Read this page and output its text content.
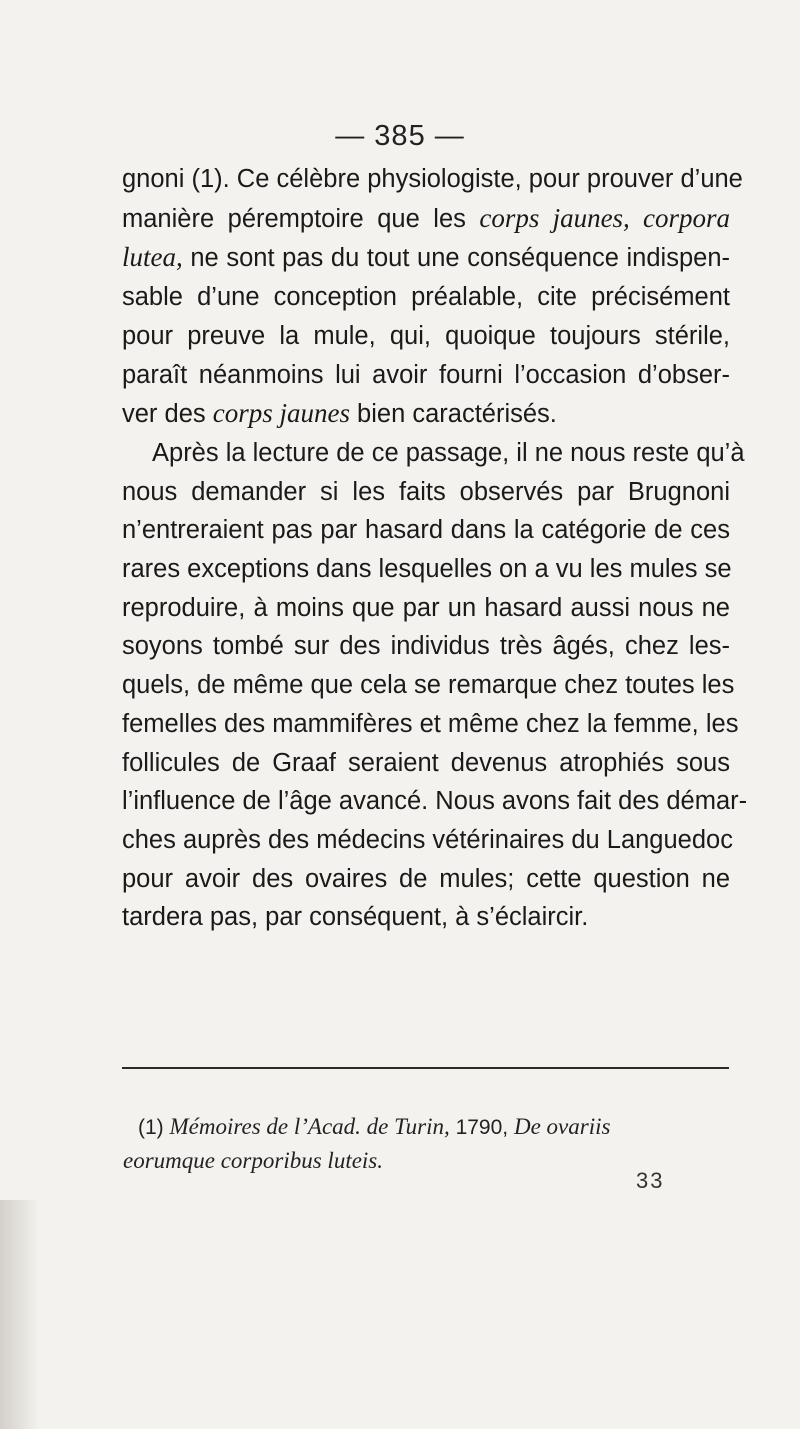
— 385 —
gnoni (1). Ce célèbre physiologiste, pour prouver d’une
manière péremptoire que les corps jaunes, corpora
lutea, ne sont pas du tout une conséquence indispen-
sable d’une conception préalable, cite précisément
pour preuve la mule, qui, quoique toujours stérile,
paraît néanmoins lui avoir fourni l’occasion d’obser-
ver des corps jaunes bien caractérisés.
Après la lecture de ce passage, il ne nous reste qu’à
nous demander si les faits observés par Brugnoni
n’entreraient pas par hasard dans la catégorie de ces
rares exceptions dans lesquelles on a vu les mules se
reproduire, à moins que par un hasard aussi nous ne
soyons tombé sur des individus très âgés, chez les-
quels, de même que cela se remarque chez toutes les
femelles des mammifères et même chez la femme, les
follicules de Graaf seraient devenus atrophiés sous
l’influence de l’âge avancé. Nous avons fait des démar-
ches auprès des médecins vétérinaires du Languedoc
pour avoir des ovaires de mules; cette question ne
tardera pas, par conséquent, à s’éclaircir.
(1) Mémoires de l’Acad. de Turin, 1790, De ovariis
eorumque corporibus luteis.
33
